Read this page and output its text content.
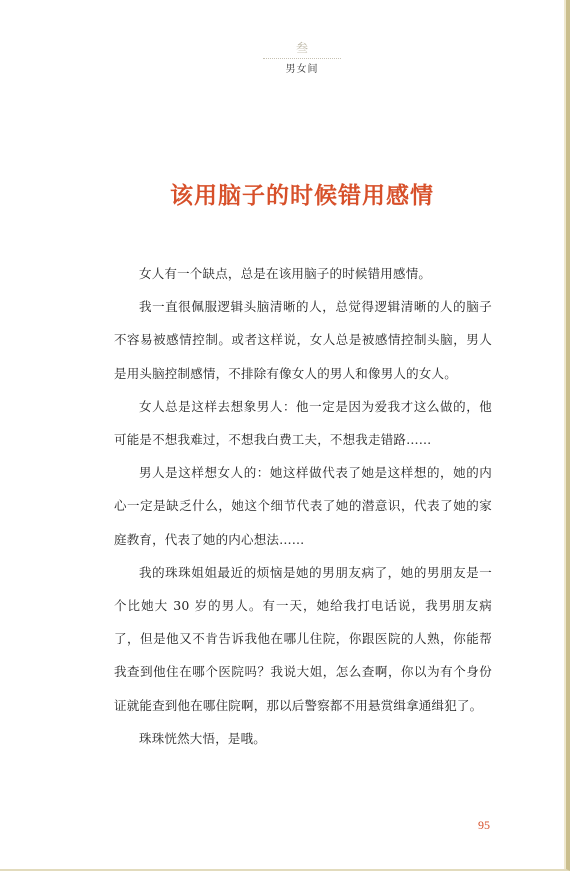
叁
男女间
该用脑子的时候错用感情

女人有一个缺点，总是在该用脑子的时候错用感情。

我一直很佩服逻辑头脑清晰的人，总觉得逻辑清晰的人的脑子不容易被感情控制。或者这样说，女人总是被感情控制头脑，男人是用头脑控制感情，不排除有像女人的男人和像男人的女人。

女人总是这样去想象男人：他一定是因为爱我才这么做的，他可能是不想我难过，不想我白费工夫，不想我走错路……

男人是这样想女人的：她这样做代表了她是这样想的，她的内心一定是缺乏什么，她这个细节代表了她的潜意识，代表了她的家庭教育，代表了她的内心想法……

我的珠珠姐姐最近的烦恼是她的男朋友病了，她的男朋友是一个比她大 30 岁的男人。有一天，她给我打电话说，我男朋友病了，但是他又不肯告诉我他在哪儿住院，你跟医院的人熟，你能帮我查到他住在哪个医院吗？我说大姐，怎么查啊，你以为有个身份证就能查到他在哪住院啊，那以后警察都不用悬赏缉拿通缉犯了。

珠珠恍然大悟，是哦。

95
